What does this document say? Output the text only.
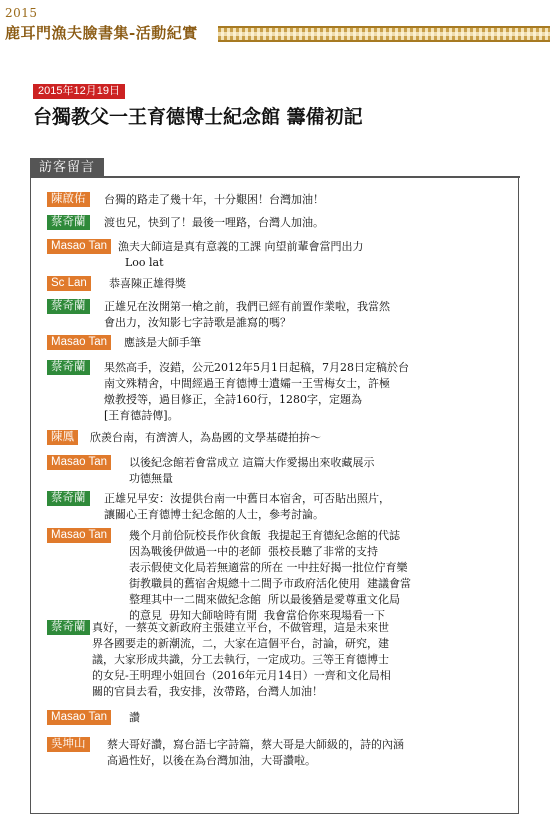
2015
鹿耳門漁夫臉書集-活動紀實
2015年12月19日
台獨教父一王育德博士紀念館 籌備初記
訪客留言
陳啟佑	台獨的路走了幾十年，十分艱困！台灣加油！
蔡奇蘭	渡也兄，快到了！最後一哩路，台灣人加油。
Masao Tan 漁夫大師這是真有意義的工課 向望前輩會當門出力
Loo lat
Sc Lan	恭喜陳正雄得獎
蔡奇蘭	正雄兄在汝開第一槍之前，我們已經有前置作業啦，我當然
會出力，汝知影七字詩歌是誰寫的嗎？
Masao Tan	應該是大師手筆
蔡奇蘭	果然高手，沒錯，公元2012年5月1日起稿，7月28日定稿於台
南文殊精舍，中間經過王育德博士遺孀一王雪梅女士，許極
燉教授等，過目修正，全詩160行，1280字，定題為
[王育德詩傳]。
陳鳳	欣羨台南，有濟濟人，為島國的文學基礎拍拚～
Masao Tan	以後紀念館若會當成立 這篇大作愛揚出來收藏展示
功德無量
蔡奇蘭	正雄兄早安：汝提供台南一中舊日本宿舍，可否貼出照片，
讓關心王育德博士紀念館的人士，參考討論。
Masao Tan	幾个月前佮阮校長作伙食飯  我提起王育德紀念館的代誌
因為戰後伊做過一中的老師  張校長聽了非常的支持
表示假使文化局若無適當的所在 一中拄好揭一批位佇育樂
街教職員的舊宿舍規總十二間予市政府活化使用  建議會當
整理其中一二間來做紀念館  所以最後猶是愛尊重文化局
的意見  毋知大師啥時有閒  我會當佮你來現場看一下
蔡奇蘭 真好，一蔡英文新政府主張建立平台，不做管理，這是未來世
界各國要走的新潮流，二，大家在這個平台，討論，研究，建
議，大家形成共識，分工去執行，一定成功。三等王育德博士
的女兒-王明理小姐回台（2016年元月14日）一齊和文化局相
關的官員去看，我安排，汝帶路，台灣人加油！
Masao Tan	讚
吳坤山	蔡大哥好讚，寫台語七字詩篇，蔡大哥是大師級的，詩的內涵
高過性好，以後在為台灣加油，大哥讚啦。
